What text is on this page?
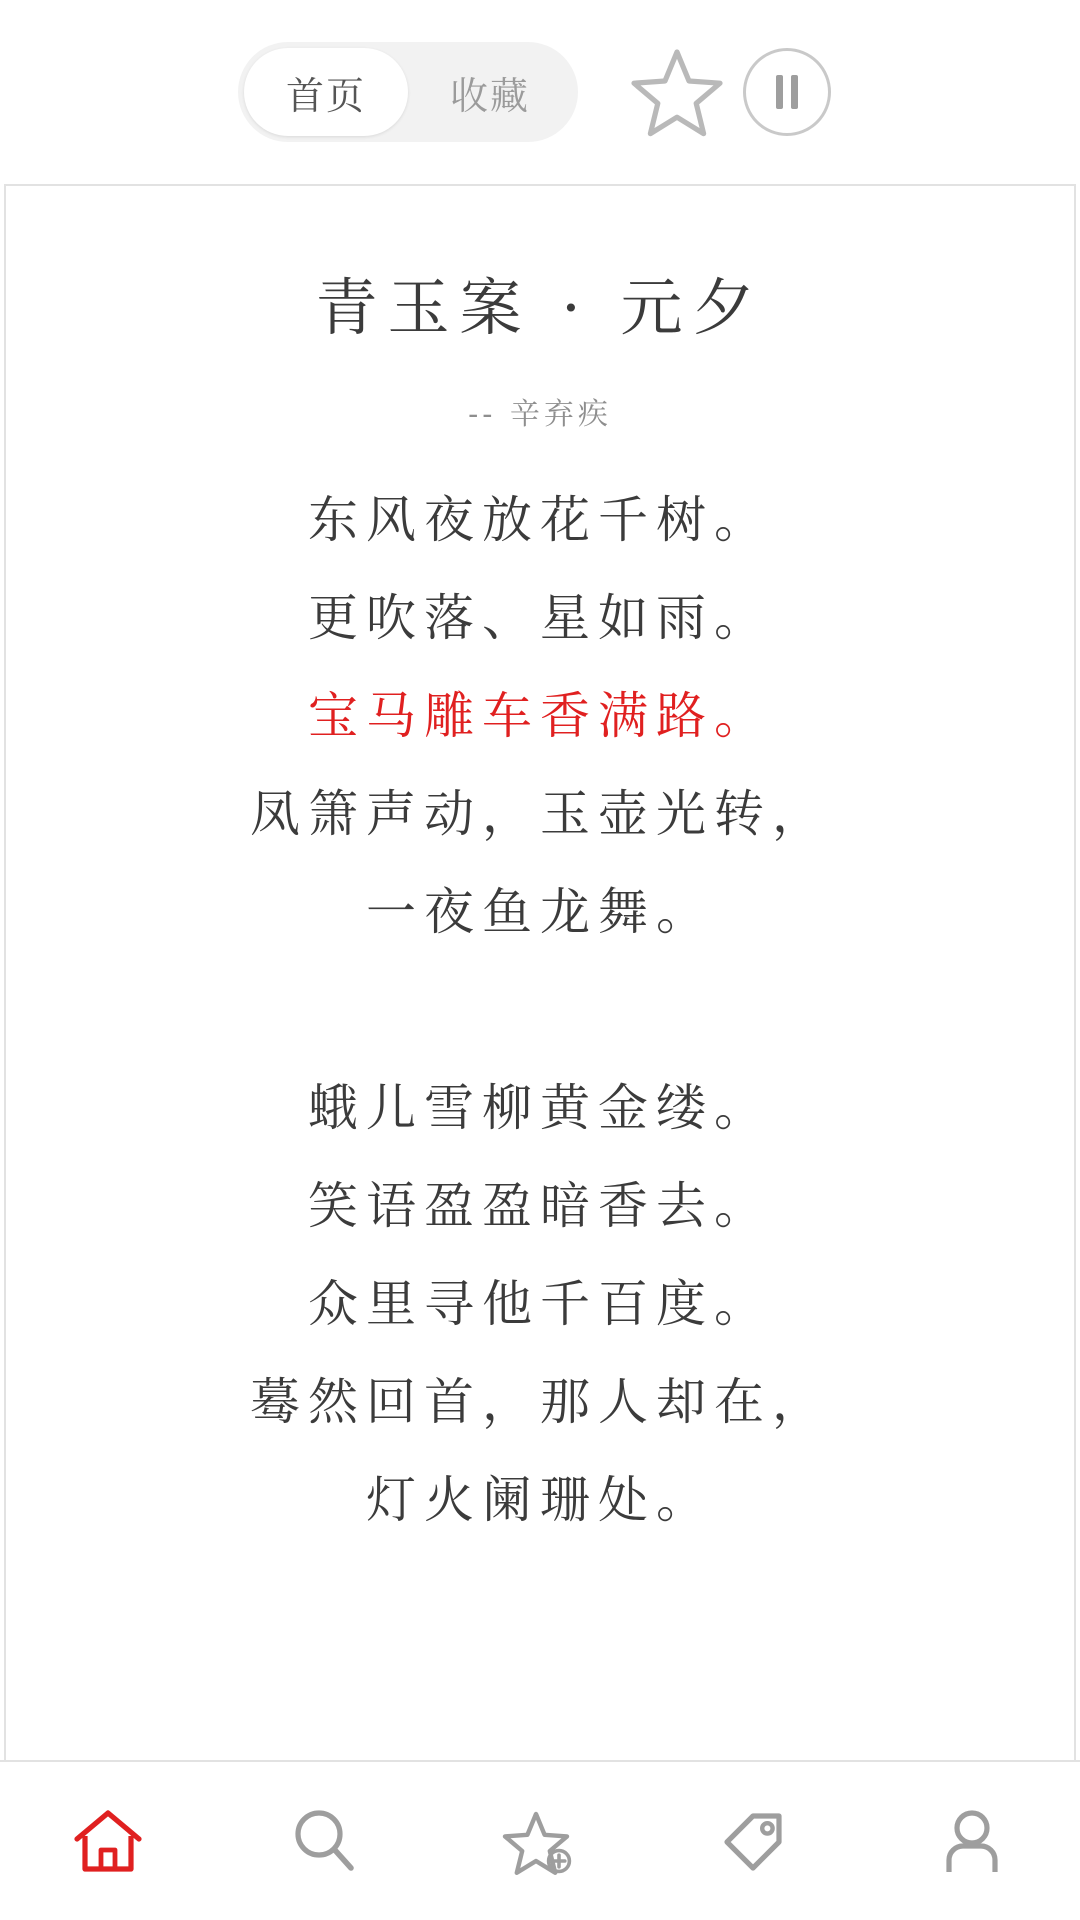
首页	收藏
青玉案 · 元夕
-- 辛弃疾
东风夜放花千树。
更吹落、星如雨。
宝马雕车香满路。
凤箫声动，玉壶光转，
一夜鱼龙舞。

蛾儿雪柳黄金缕。
笑语盈盈暗香去。
众里寻他千百度。
蓦然回首，那人却在，
灯火阑珊处。
